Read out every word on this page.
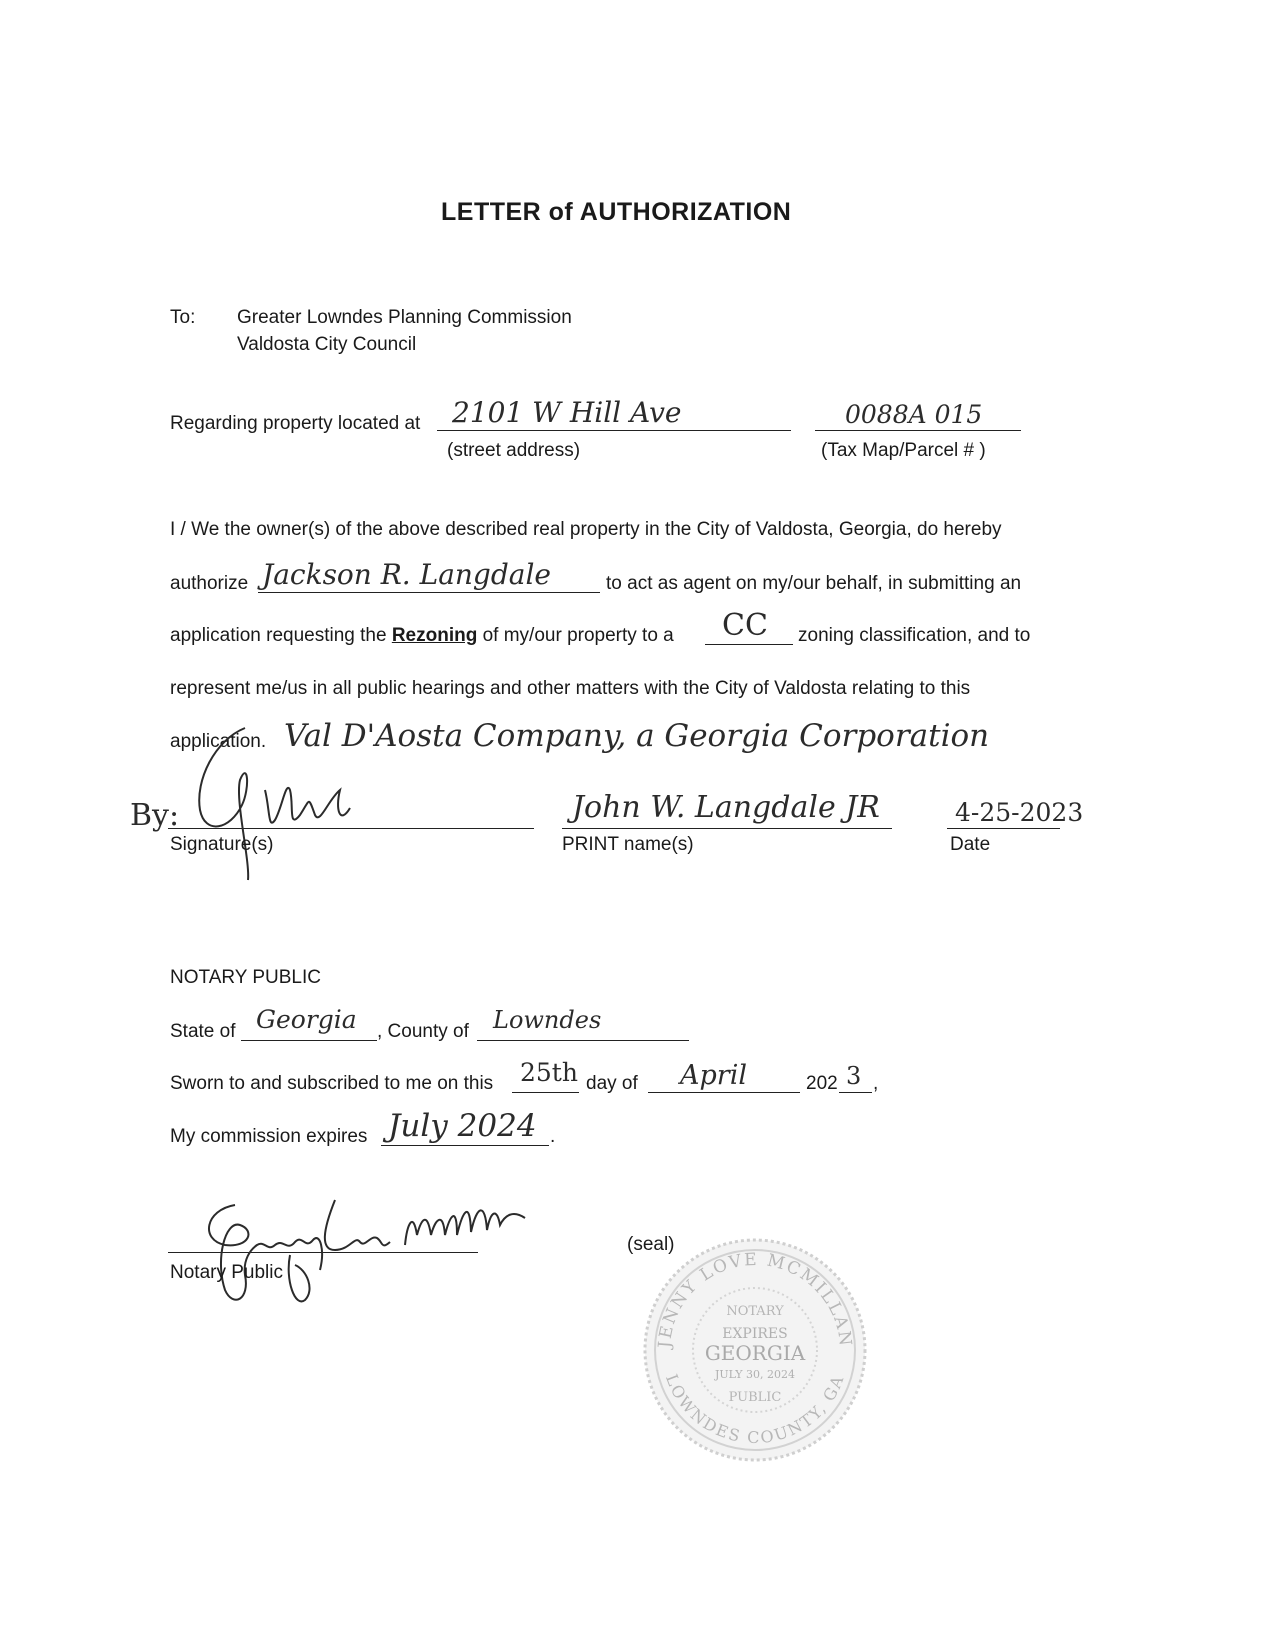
LETTER of AUTHORIZATION
To: Greater Lowndes Planning Commission
Valdosta City Council
Regarding property located at 2101 W Hill Ave
(street address)
0088A 015
(Tax Map/Parcel # )
I / We the owner(s) of the above described real property in the City of Valdosta, Georgia, do hereby
authorize Jackson R. Langdale	to act as agent on my/our behalf, in submitting an
application requesting the Rezoning of my/our property to a CC zoning classification, and to
represent me/us in all public hearings and other matters with the City of Valdosta relating to this
application. Val D'Aosta Company, a Georgia Corporation
By:
Signature(s)
John W. Langdale JR
PRINT name(s)
4-25-2023
Date
NOTARY PUBLIC
State of Georgia , County of Lowndes
Sworn to and subscribed to me on this 25th day of April	202 3 ,
My commission expires July 2024 .
Notary Public
(seal)
JENNY LOVE MCMILLAN
LOWNDES COUNTY, GA
NOTARY
EXPIRES
GEORGIA
JULY 30, 2024
PUBLIC
